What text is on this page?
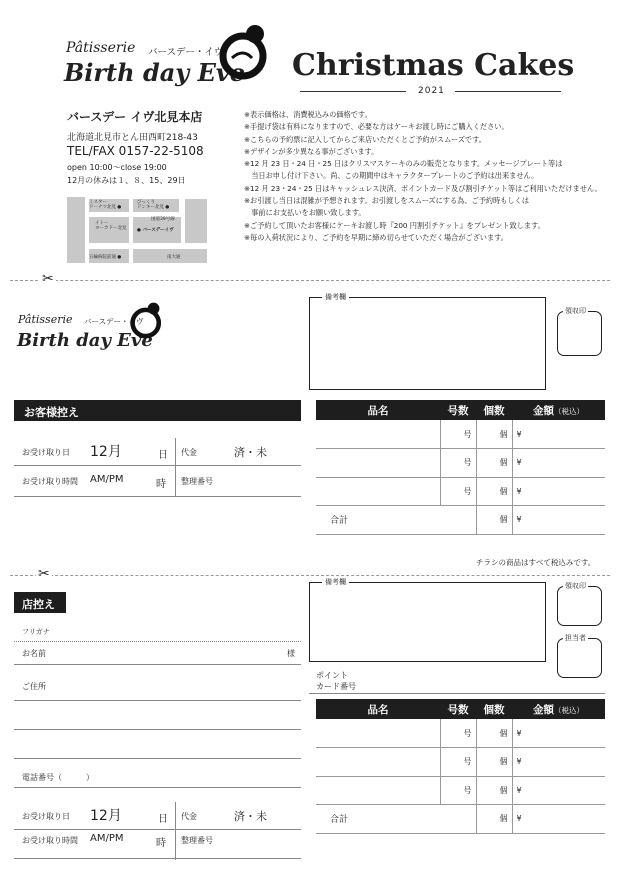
Pâtisserie バースデー・イヴ
Birth day Eve Christmas Cakes
2021
バースデー イヴ北見本店
北海道北見市とん田西町218-43
TEL/FAX 0157-22-5108
open 10:00～close 19:00
12月の休みは１、８、15、29日
ミスター
ドーナツ北見 ●
びっくり
ドンキー北見 ●
国道39号線
イトー
ヨーカドー北見 ● バースデーイヴ
五輪病院前通 ●	南大通
※表示価格は、消費税込みの価格です。
※手提げ袋は有料になりますので、必要な方はケーキお渡し時にご購入ください。
※こちらの予約票に記入してからご来店いただくとご予約がスムーズです。
※デザインが多少異なる事がございます。
※12 月 23 日・24 日・25 日はクリスマスケーキのみの販売となります。メッセージプレート等は
　当日お申し付け下さい。尚、この期間中はキャラクタープレートのご予約は出来ません。
※12 月 23・24・25 日はキャッシュレス決済、ポイントカード及び割引チケット等はご利用いただけません。
※お引渡し当日は混雑が予想されます。お引渡しをスムーズにする為、ご予約時もしくは
　事前にお支払いをお願い致します。
※ご予約して頂いたお客様にケーキお渡し時『200 円割引チケット』をプレゼント致します。
※毎の入荷状況により、ご予約を早期に締め切らせていただく場合がございます。
✂
Pâtisserie バースデー・イヴ
Birth day Eve
備考欄
領収印
お客様控え
お受け取り日 12月	日 代金	済・未
お受け取り時間 AM/PM	時 整理番号
品名	号数	個数	金額（税込）
	号	個	¥
	号	個	¥
	号	個	¥
合計		個	¥
チラシの商品はすべて税込みです。
✂
店控え
フリガナ
お名前	様
ご住所
電話番号（　　　）
お受け取り日 12月	日 代金	済・未
お受け取り時間 AM/PM	時 整理番号
備考欄	領収印
担当者
ポイント
カード番号
品名	号数	個数	金額（税込）
	号	個	¥
	号	個	¥
	号	個	¥
合計		個	¥
